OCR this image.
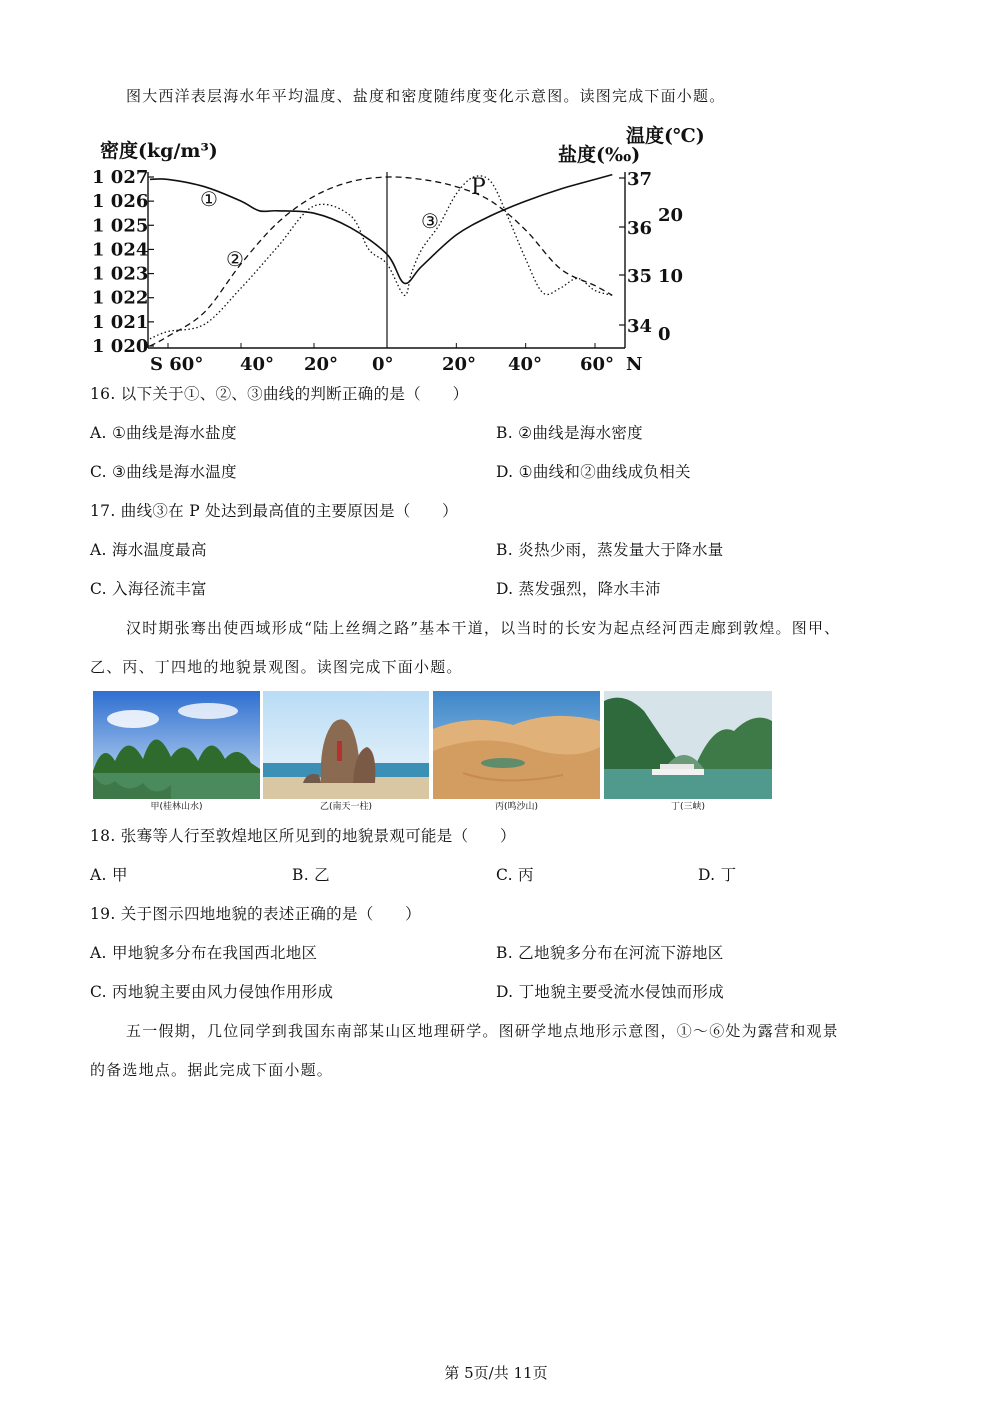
图大西洋表层海水年平均温度、盐度和密度随纬度变化示意图。读图完成下面小题。
密度(kg/m³)	盐度(‰)
温度(℃)
1 027
1 026
1 025
1 024
1 023
1 022
1 021
1 020
37
36
35
34
20
10
0
S 60° 40° 20° 0°	20° 40° 60° N
①
②
③
P
16. 以下关于①、②、③曲线的判断正确的是（　　）
A. ①曲线是海水盐度	B. ②曲线是海水密度
C. ③曲线是海水温度	D. ①曲线和②曲线成负相关
17. 曲线③在 P 处达到最高值的主要原因是（　　）
A. 海水温度最高	B. 炎热少雨，蒸发量大于降水量
C. 入海径流丰富	D. 蒸发强烈，降水丰沛
汉时期张骞出使西域形成“陆上丝绸之路”基本干道，以当时的长安为起点经河西走廊到敦煌。图甲、
乙、丙、丁四地的地貌景观图。读图完成下面小题。
甲(桂林山水)	乙(南天一柱)	丙(鸣沙山)	丁(三峡)
18. 张骞等人行至敦煌地区所见到的地貌景观可能是（　　）
A. 甲	B. 乙	C. 丙	D. 丁
19. 关于图示四地地貌的表述正确的是（　　）
A. 甲地貌多分布在我国西北地区	B. 乙地貌多分布在河流下游地区
C. 丙地貌主要由风力侵蚀作用形成	D. 丁地貌主要受流水侵蚀而形成
五一假期，几位同学到我国东南部某山区地理研学。图研学地点地形示意图，①～⑥处为露营和观景
的备选地点。据此完成下面小题。
第 5页/共 11页
